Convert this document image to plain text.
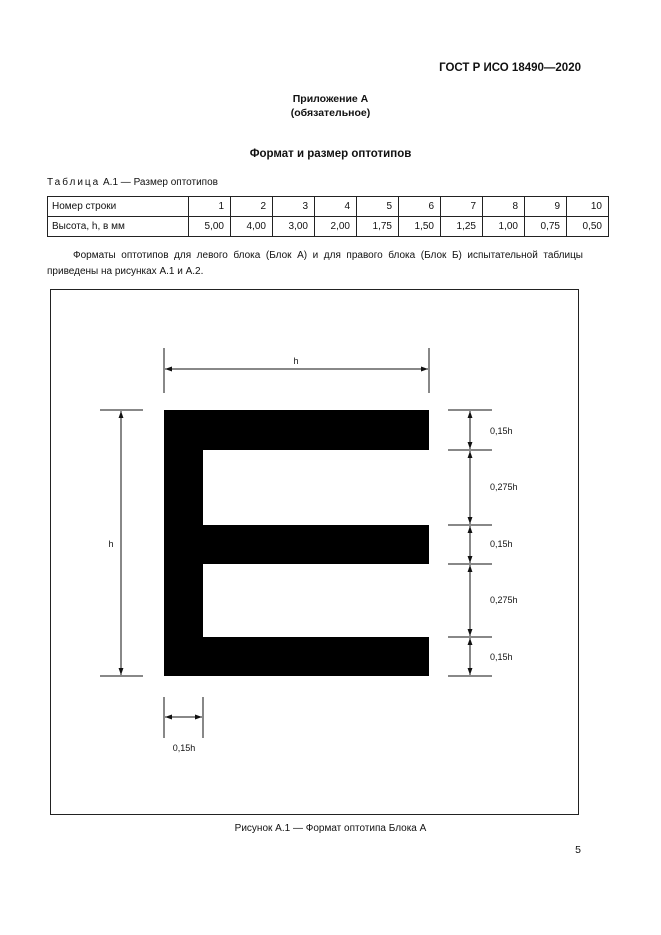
ГОСТ Р ИСО 18490—2020
Приложение А
(обязательное)
Формат и размер оптотипов
Таблица А.1 — Размер оптотипов
Номер строки	1	2	3	4	5	6	7	8	9	10
Высота, h, в мм	5,00	4,00	3,00	2,00	1,75	1,50	1,25	1,00	0,75	0,50
Форматы оптотипов для левого блока (Блок А) и для правого блока (Блок Б) испытательной таблицы приведены на рисунках А.1 и А.2.
h
h
0,15h
0,275h
0,15h
0,275h
0,15h
0,15h
Рисунок А.1 — Формат оптотипа Блока А
5
